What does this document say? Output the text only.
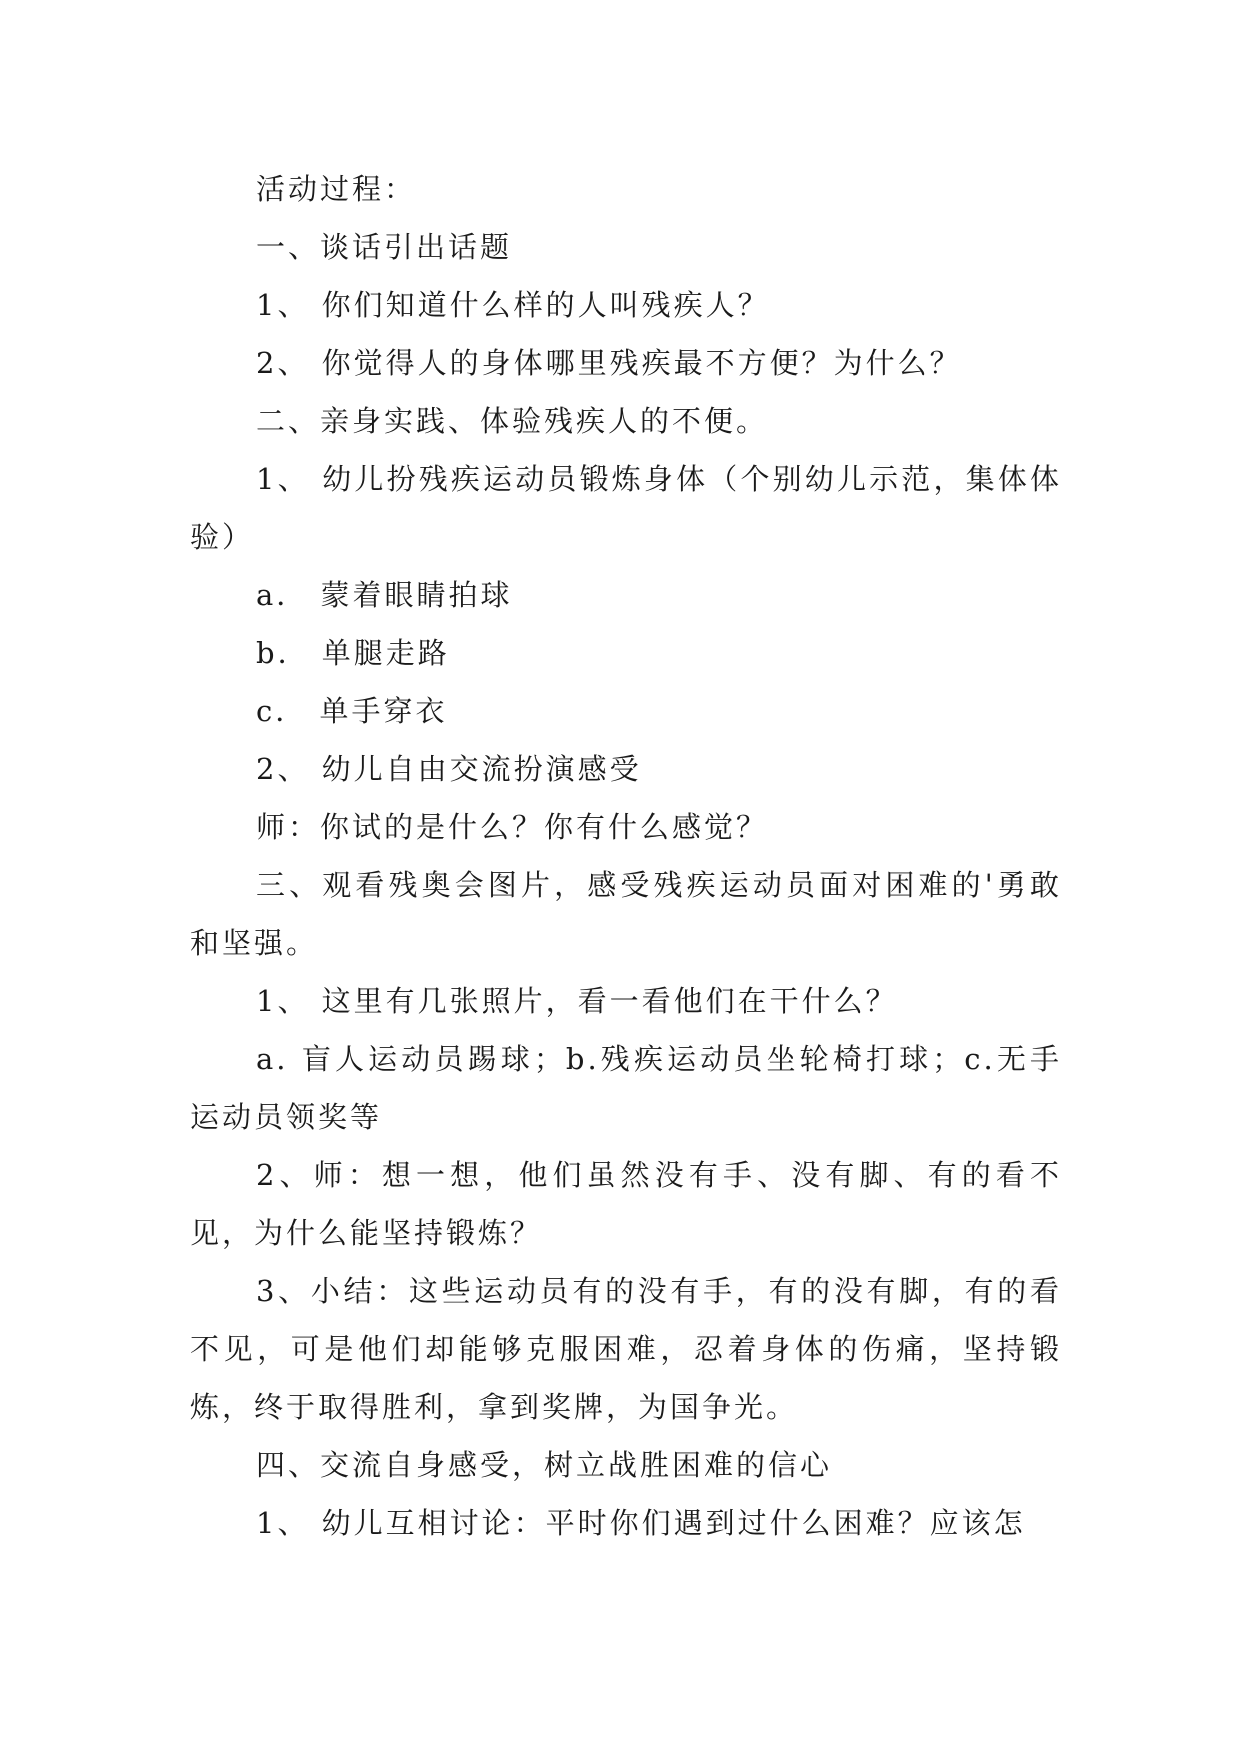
活动过程：

一、谈话引出话题

1、 你们知道什么样的人叫残疾人？

2、 你觉得人的身体哪里残疾最不方便？为什么？

二、亲身实践、体验残疾人的不便。

1、 幼儿扮残疾运动员锻炼身体（个别幼儿示范，集体体验）

a． 蒙着眼睛拍球

b． 单腿走路

c． 单手穿衣

2、 幼儿自由交流扮演感受

师：你试的是什么？你有什么感觉？

三、观看残奥会图片，感受残疾运动员面对困难的'勇敢和坚强。

1、 这里有几张照片，看一看他们在干什么？

a. 盲人运动员踢球；b.残疾运动员坐轮椅打球；c.无手运动员领奖等

2、师：想一想，他们虽然没有手、没有脚、有的看不见，为什么能坚持锻炼？

3、小结：这些运动员有的没有手，有的没有脚，有的看不见，可是他们却能够克服困难，忍着身体的伤痛，坚持锻炼，终于取得胜利，拿到奖牌，为国争光。

四、交流自身感受，树立战胜困难的信心

1、 幼儿互相讨论：平时你们遇到过什么困难？应该怎
